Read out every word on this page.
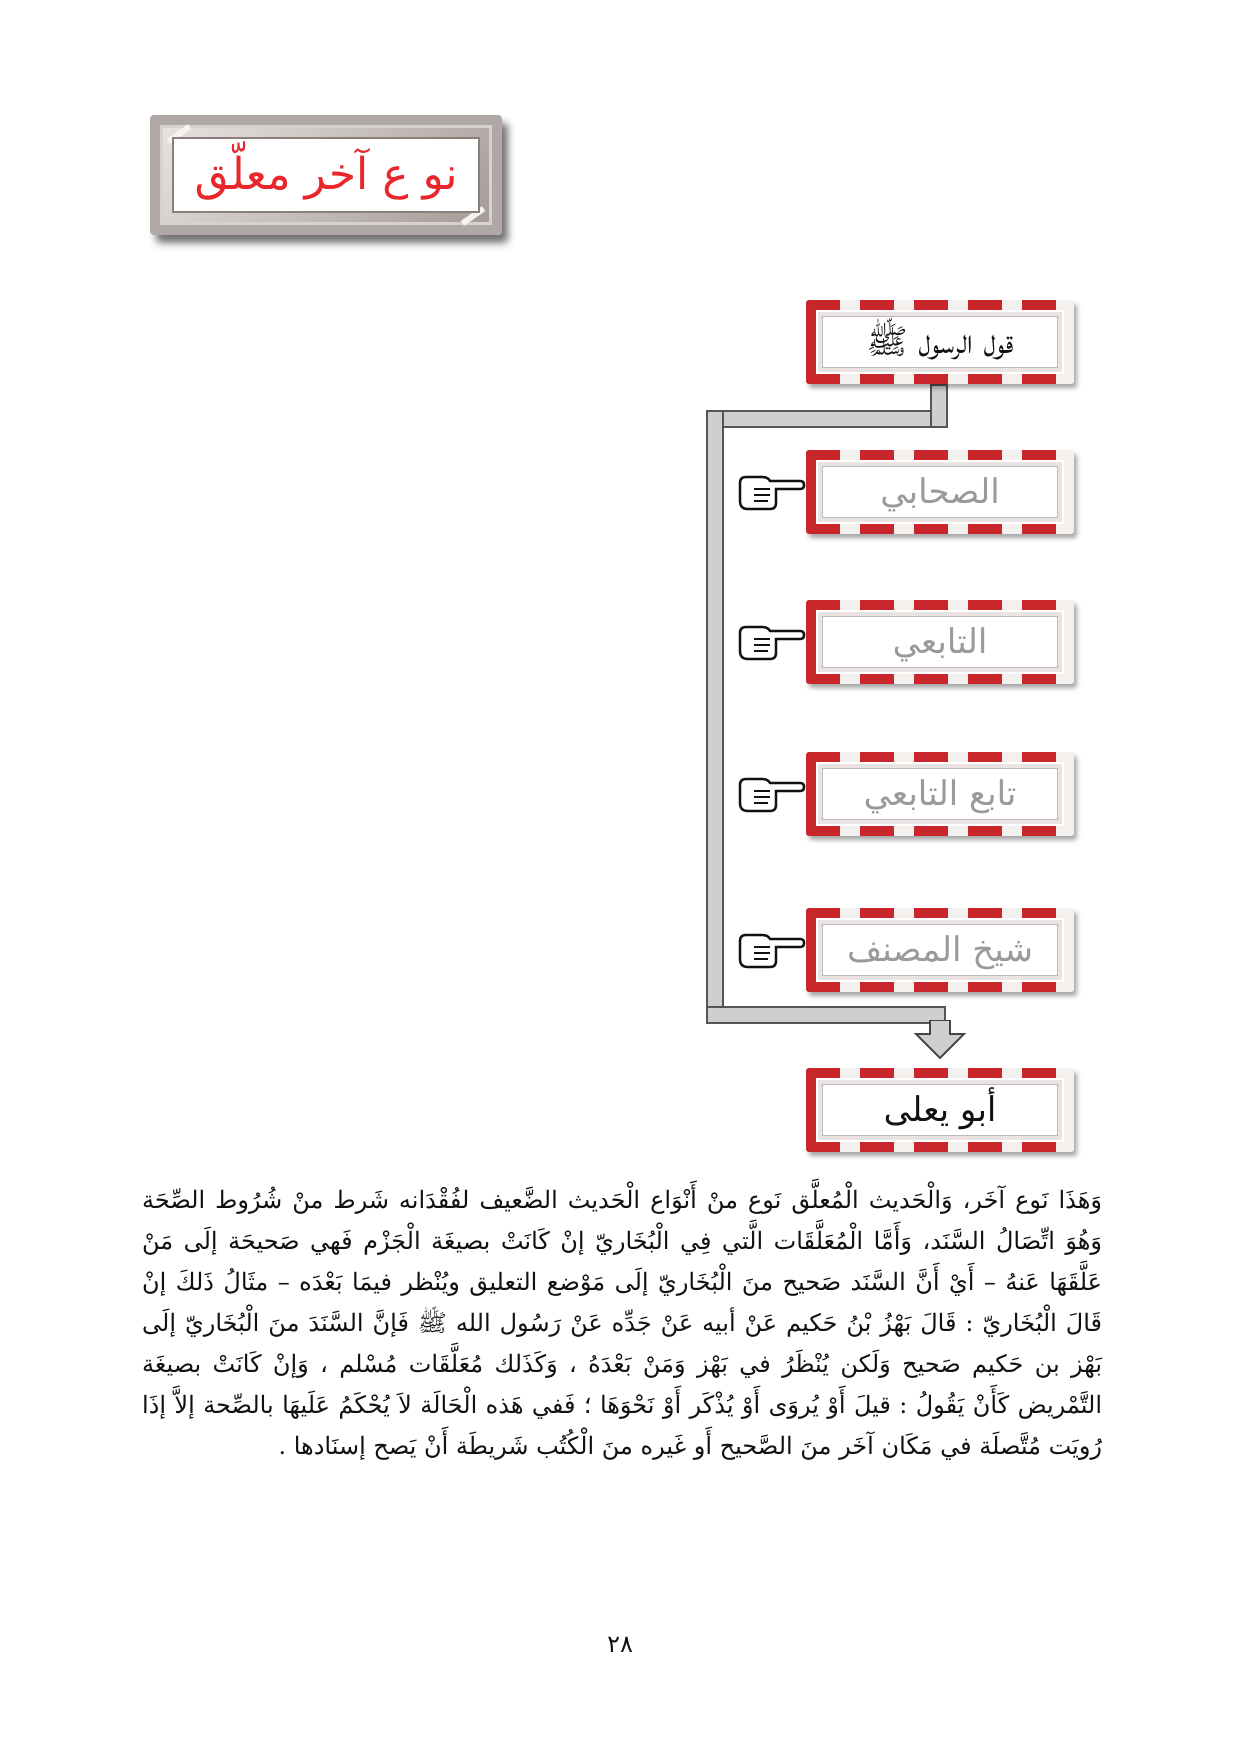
نو ع آخر معلّق
قول الرسول ﷺ
الصحابي
التابعي
تابع التابعي
شيخ المصنف
أبو يعلى
وَهَذَا نَوع آخَر، وَالْحَديث الْمُعلَّق نَوع منْ أَنْوَاع الْحَديث الضَّعيف لفُقْدَانه شَرط منْ شُرُوط الصِّحَة وَهُوَ اتِّصَالُ السَّنَد، وَأَمَّا الْمُعَلَّقَات الَّتي فِي الْبُخَاريّ إنْ كَانَتْ بصيغَة الْجَزْم فَهي صَحيحَة إلَى مَنْ عَلَّقَهَا عَنهُ – أَيْ أَنَّ السَّنَد صَحيح منَ الْبُخَاريّ إلَى مَوْضع التعليق ويُنْظر فيمَا بَعْدَه – مثَالُ ذَلكَ إنْ قَالَ الْبُخَاريّ : قَالَ بَهْزُ بْنُ حَكيم عَنْ أبيه عَنْ جَدِّه عَنْ رَسُول الله ﷺ فَإنَّ السَّنَدَ منَ الْبُخَاريّ إلَى بَهْز بن حَكيم صَحيح وَلَكن يُنْظَرُ في بَهْز وَمَنْ بَعْدَهُ ، وَكَذَلك مُعَلَّقَات مُسْلم ، وَإنْ كَانَتْ بصيغَة التَّمْريض كَأَنْ يَقُولُ : قيلَ أَوْ يُروَى أَوْ يُذْكَر أَوْ نَحْوَهَا ؛ فَفي هَذه الْحَالَة لاَ يُحْكَمُ عَلَيهَا بالصِّحة إلاَّ إذَا رُويَت مُتَّصلَة في مَكَان آخَر منَ الصَّحيح أَو غَيره منَ الْكُتُب شَريطَة أَنْ يَصح إسنَادها .
٢٨
